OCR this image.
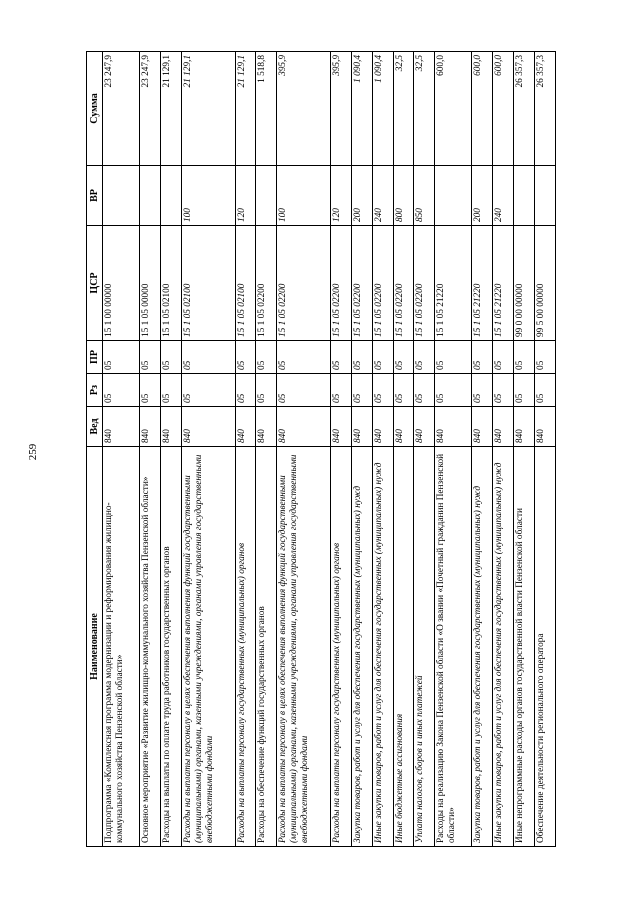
259
Наименование	Вед	Рз	ПР	ЦСР	ВР	Сумма
Подпрограмма «Комплексная программа модернизации и реформирования жилищно-коммунального хозяйства Пензенской области»	840	05	05	15 1 00 00000		23 247,9
Основное мероприятие «Развитие жилищно-коммунального хозяйства Пензенской области»	840	05	05	15 1 05 00000		23 247,9
Расходы на выплаты по оплате труда работников государственных органов	840	05	05	15 1 05 02100		21 129,1
Расходы на выплаты персоналу в целях обеспечения выполнения функций государственными (муниципальными) органами, казенными учреждениями, органами управления государственными внебюджетными фондами	840	05	05	15 1 05 02100	100	21 129,1
Расходы на выплаты персоналу государственных (муниципальных) органов	840	05	05	15 1 05 02100	120	21 129,1
Расходы на обеспечение функций государственных органов	840	05	05	15 1 05 02200		1 518,8
Расходы на выплаты персоналу в целях обеспечения выполнения функций государственными (муниципальными) органами, казенными учреждениями, органами управления государственными внебюджетными фондами	840	05	05	15 1 05 02200	100	395,9
Расходы на выплаты персоналу государственных (муниципальных) органов	840	05	05	15 1 05 02200	120	395,9
Закупка товаров, работ и услуг для обеспечения государственных (муниципальных) нужд	840	05	05	15 1 05 02200	200	1 090,4
Иные закупки товаров, работ и услуг для обеспечения государственных (муниципальных) нужд	840	05	05	15 1 05 02200	240	1 090,4
Иные бюджетные ассигнования	840	05	05	15 1 05 02200	800	32,5
Уплата налогов, сборов и иных платежей	840	05	05	15 1 05 02200	850	32,5
Расходы на реализацию Закона Пензенской области «О звании «Почетный гражданин Пензенской области»	840	05	05	15 1 05 21220		600,0
Закупка товаров, работ и услуг для обеспечения государственных (муниципальных) нужд	840	05	05	15 1 05 21220	200	600,0
Иные закупки товаров, работ и услуг для обеспечения государственных (муниципальных) нужд	840	05	05	15 1 05 21220	240	600,0
Иные непрограммные расходы органов государственной власти Пензенской области	840	05	05	99 0 00 00000		26 357,3
Обеспечение деятельности регионального оператора	840	05	05	99 5 00 00000		26 357,3
